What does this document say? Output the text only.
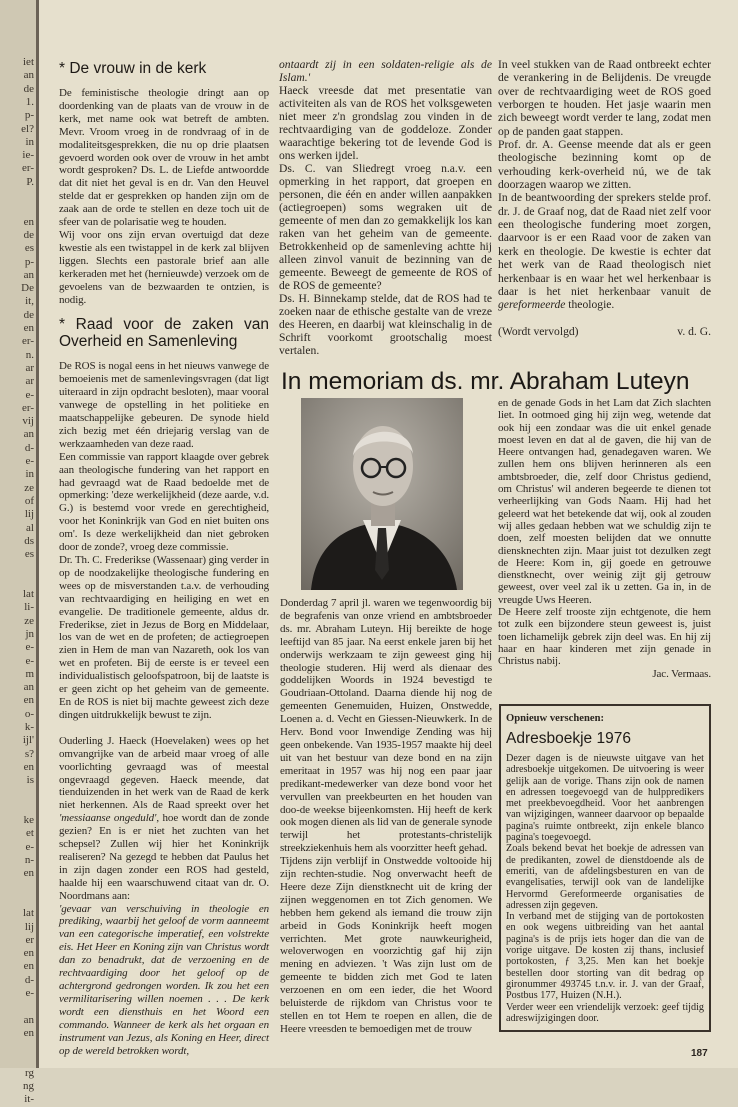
iet
an
de
1.
p-
el?
in
ie-
er-
P.
en
de
es
p-
an
De
it,
de
en
er-
n.
ar
ar
e-
er-
vij
an
d-
e-
in
ze
of
lij
al
ds
es
lat
li-
ze
jn
e-
e-
m
an
en
o-
k-
ijl'
s?
en
is
ke
et
e-
n-
en
lat
lij
er
en
en
d-
e-
an
en
rg
ng
it-
* De vrouw in de kerk

De feministische theologie dringt aan op doordenking van de plaats van de vrouw in de kerk, met name ook wat betreft de ambten. Mevr. Vroom vroeg in de rondvraag of in de modaliteitsgesprekken, die nu op drie plaatsen gevoerd worden ook over de vrouw in het ambt wordt gesproken? Ds. L. de Liefde antwoordde dat dit niet het geval is en dr. Van den Heuvel stelde dat er gesprekken op handen zijn om de zaak aan de orde te stellen en deze toch uit de sfeer van de polarisatie weg te houden.

Wij voor ons zijn ervan overtuigd dat deze kwestie als een twistappel in de kerk zal blijven liggen. Slechts een pastorale brief aan alle kerkeraden met het (hernieuwde) verzoek om de gevoelens van de bezwaarden te ontzien, is nodig.

* Raad voor de zaken van Overheid en Samenleving

De ROS is nogal eens in het nieuws vanwege de bemoeienis met de samenlevingsvragen (dat ligt uiteraard in zijn opdracht besloten), maar vooral vanwege de opstelling in het politieke en maatschappelijke gebeuren. De synode hield zich bezig met één driejarig verslag van de werkzaamheden van deze raad.

Een commissie van rapport klaagde over gebrek aan theologische fundering van het rapport en had gevraagd wat de Raad bedoelde met de opmerking: 'deze werkelijkheid (deze aarde, v.d. G.) is bestemd voor vrede en gerechtigheid, voor het Koninkrijk van God en niet buiten ons om'. Is deze werkelijkheid dan niet gebroken door de zonde?, vroeg deze commissie.

Dr. Th. C. Frederikse (Wassenaar) ging verder in op de noodzakelijke theologische fundering en wees op de misverstanden t.a.v. de verhouding van rechtvaardiging en heiliging en wet en evangelie. De traditionele gemeente, aldus dr. Frederikse, ziet in Jezus de Borg en Middelaar, los van de wet en de profeten; de actiegroepen zien in Hem de man van Nazareth, ook los van wet en profeten. Bij de eerste is er teveel een individualistisch geloofspatroon, bij de laatste is er geen zicht op het geheim van de gemeente. En de ROS is niet bij machte geweest zich deze dingen uitdrukkelijk bewust te zijn.

Ouderling J. Haeck (Hoevelaken) wees op het omvangrijke van de arbeid maar vroeg of alle voorlichting gevraagd was of meestal ongevraagd gegeven. Haeck meende, dat tienduizenden in het werk van de Raad de kerk niet herkennen. Als de Raad spreekt over het 'messiaanse ongeduld', hoe wordt dan de zonde gezien? En is er niet het zuchten van het schepsel? Zullen wij hier het Koninkrijk realiseren? Na gezegd te hebben dat Paulus het in zijn dagen zonder een ROS had gesteld, haalde hij een waarschuwend citaat van dr. O. Noordmans aan:

'gevaar van verschuiving in theologie en prediking, waarbij het geloof de vorm aanneemt van een categorische imperatief, een volstrekte eis. Het Heer en Koning zijn van Christus wordt dan zo benadrukt, dat de verzoening en de rechtvaardiging door het geloof op de achtergrond gedrongen worden. Ik zou het een vermilitarisering willen noemen . . . De kerk wordt een diensthuis en het Woord een commando. Wanneer de kerk als het orgaan en instrument van Jezus, als Koning en Heer, direct op de wereld betrokken wordt,

ontaardt zij in een soldaten-religie als de Islam.'

Haeck vreesde dat met presentatie van activiteiten als van de ROS het volksgeweten niet meer z'n grondslag zou vinden in de rechtvaardiging van de goddeloze. Zonder waarachtige bekering tot de levende God is ons werken ijdel.

Ds. C. van Sliedregt vroeg n.a.v. een opmerking in het rapport, dat groepen en personen, die één en ander willen aanpakken (actiegroepen) soms wegraken uit de gemeente of men dan zo gemakkelijk los kan raken van het geheim van de gemeente. Betrokkenheid op de samenleving achtte hij alleen zinvol vanuit de bezinning van de gemeente. Beweegt de gemeente de ROS of de ROS de gemeente?

Ds. H. Binnekamp stelde, dat de ROS had te zoeken naar de ethische gestalte van de vreze des Heeren, en daarbij wat kleinschalig in de Schrift voorkomt grootschalig moest vertalen.

In veel stukken van de Raad ontbreekt echter de verankering in de Belijdenis. De vreugde over de rechtvaardiging weet de ROS goed verborgen te houden. Het jasje waarin men zich beweegt wordt verder te lang, zodat men op de panden gaat stappen.

Prof. dr. A. Geense meende dat als er geen theologische bezinning komt op de verhouding kerk-overheid nú, we de tak doorzagen waarop we zitten.

In de beantwoording der sprekers stelde prof. dr. J. de Graaf nog, dat de Raad niet zelf voor een theologische fundering moet zorgen, daarvoor is er een Raad voor de zaken van kerk en theologie. De kwestie is echter dat het werk van de Raad theologisch niet herkenbaar is en waar het wel herkenbaar is daar is het niet herkenbaar vanuit de gereformeerde theologie.

(Wordt vervolgd)	v. d. G.
In memoriam ds. mr. Abraham Luteyn

Donderdag 7 april jl. waren we tegenwoordig bij de begrafenis van onze vriend en ambtsbroeder ds. mr. Abraham Luteyn. Hij bereikte de hoge leeftijd van 85 jaar. Na eerst enkele jaren bij het onderwijs werkzaam te zijn geweest ging hij theologie studeren. Hij werd als dienaar des goddelijken Woords in 1924 bevestigd te Goudriaan-Ottoland. Daarna diende hij nog de gemeenten Genemuiden, Huizen, Onstwedde, Loenen a. d. Vecht en Giessen-Nieuwkerk. In de Herv. Bond voor Inwendige Zending was hij geen onbekende. Van 1935-1957 maakte hij deel uit van het bestuur van deze bond en na zijn emeritaat in 1957 was hij nog een paar jaar predikant-medewerker van deze bond voor het vervullen van preekbeurten en het houden van doo-de weekse bijeenkomsten. Hij heeft de kerk ook mogen dienen als lid van de generale synode terwijl het protestants-christelijk streekziekenhuis hem als voorzitter heeft gehad.

Tijdens zijn verblijf in Onstwedde voltooide hij zijn rechten-studie. Nog onverwacht heeft de Heere deze Zijn dienstknecht uit de kring der zijnen weggenomen en tot Zich genomen. We hebben hem gekend als iemand die trouw zijn arbeid in Gods Koninkrijk heeft mogen verrichten. Met grote nauwkeurigheid, weloverwogen en voorzichtig gaf hij zijn mening en adviezen. 't Was zijn lust om de gemeente te bidden zich met God te laten verzoenen en om een ieder, die het Woord beluisterde de rijkdom van Christus voor te stellen en tot Hem te roepen en allen, die de Heere vreesden te bemoedigen met de trouw

en de genade Gods in het Lam dat Zich slachten liet. In ootmoed ging hij zijn weg, wetende dat ook hij een zondaar was die uit enkel genade moest leven en dat al de gaven, die hij van de Heere ontvangen had, genadegaven waren. We zullen hem ons blijven herinneren als een ambtsbroeder, die, zelf door Christus gediend, om Christus' wil anderen begeerde te dienen tot verheerlijking van Gods Naam. Hij had het geleerd wat het betekende dat wij, ook al zouden wij alles gedaan hebben wat we schuldig zijn te doen, zelf moesten belijden dat we onnutte diensknechten zijn. Maar juist tot dezulken zegt de Heere: Kom in, gij goede en getrouwe dienstknecht, over weinig zijt gij getrouw geweest, over veel zal ik u zetten. Ga in, in de vreugde Uws Heeren.

De Heere zelf trooste zijn echtgenote, die hem tot zulk een bijzondere steun geweest is, juist toen lichamelijk gebrek zijn deel was. En hij zij haar en haar kinderen met zijn genade in Christus nabij.

Jac. Vermaas.

Opnieuw verschenen:

Adresboekje 1976

Dezer dagen is de nieuwste uitgave van het adresboekje uitgekomen. De uitvoering is weer gelijk aan de vorige. Thans zijn ook de namen en adressen toegevoegd van de hulppredikers met preekbevoegdheid. Voor het aanbrengen van wijzigingen, wanneer daarvoor op bepaalde pagina's ruimte ontbreekt, zijn enkele blanco pagina's toegevoegd.

Zoals bekend bevat het boekje de adressen van de predikanten, zowel de dienstdoende als de emeriti, van de afdelingsbesturen en van de evangelisaties, terwijl ook van de landelijke Hervormd Gereformeerde organisaties de adressen zijn gegeven.

In verband met de stijging van de portokosten en ook wegens uitbreiding van het aantal pagina's is de prijs iets hoger dan die van de vorige uitgave. De kosten zij thans, inclusief portokosten, ƒ 3,25. Men kan het boekje bestellen door storting van dit bedrag op gironummer 493745 t.n.v. ir. J. van der Graaf, Postbus 177, Huizen (N.H.).

Verder weer een vriendelijk verzoek: geef tijdig adreswijzigingen door.

187
